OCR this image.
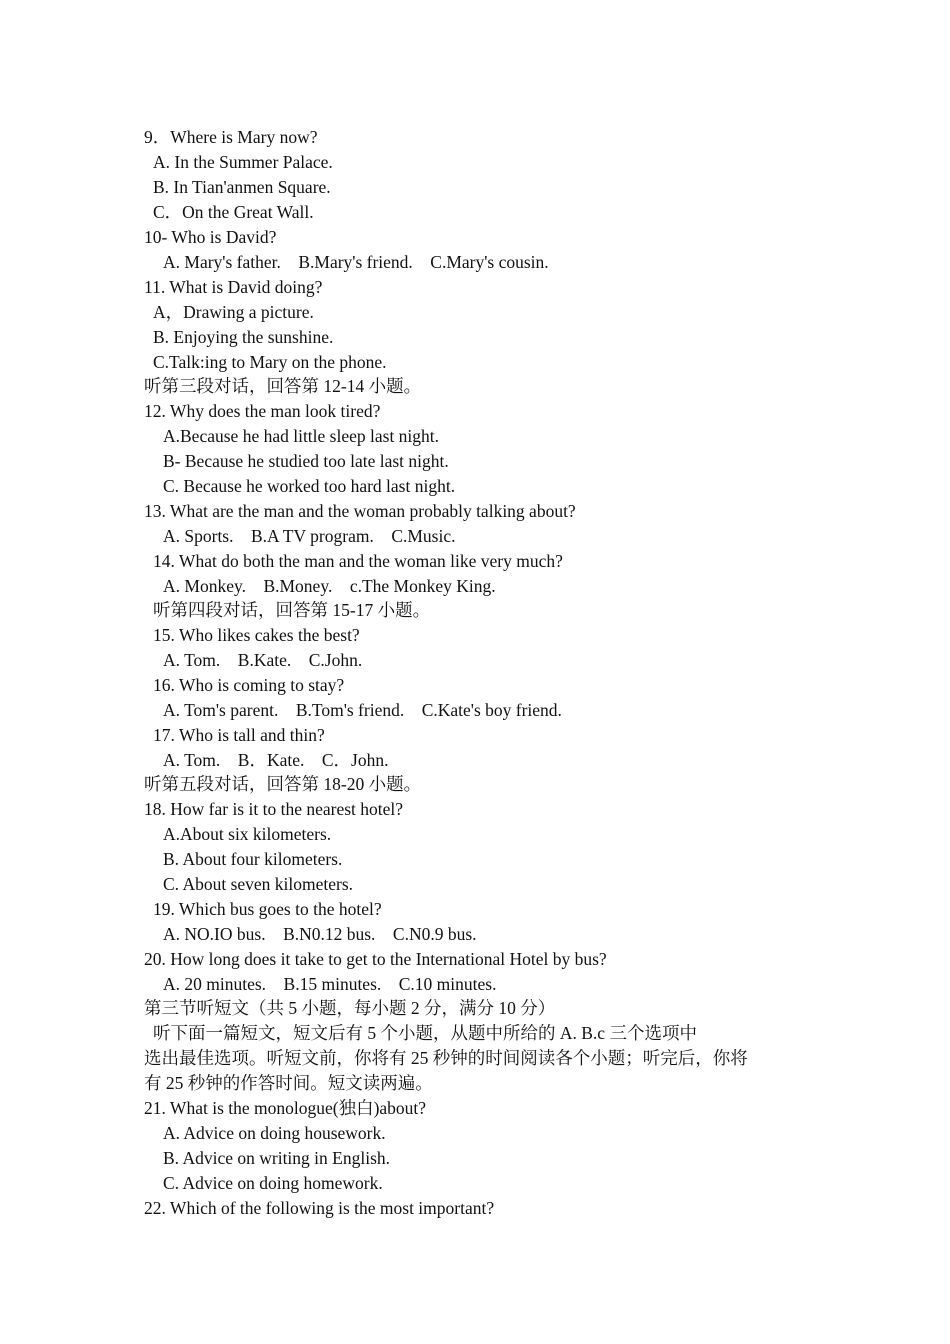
9．Where is Mary now?
A. In the Summer Palace.
B. In Tian'anmen Square.
C．On the Great Wall.
10- Who is David?
A. Mary's father.    B.Mary's friend.    C.Mary's cousin.
11. What is David doing?
A，Drawing a picture.
B. Enjoying the sunshine.
C.Talk:ing to Mary on the phone.
听第三段对话，回答第 12-14 小题。
12. Why does the man look tired?
A.Because he had little sleep last night.
B- Because he studied too late last night.
C. Because he worked too hard last night.
13. What are the man and the woman probably talking about?
A. Sports.    B.A TV program.    C.Music.
14. What do both the man and the woman like very much?
A. Monkey.    B.Money.    c.The Monkey King.
听第四段对话，回答第 15-17 小题。
15. Who likes cakes the best?
A. Tom.    B.Kate.    C.John.
16. Who is coming to stay?
A. Tom's parent.    B.Tom's friend.    C.Kate's boy friend.
17. Who is tall and thin?
A. Tom.    B．Kate.    C．John.
听第五段对话，回答第 18-20 小题。
18. How far is it to the nearest hotel?
A.About six kilometers.
B. About four kilometers.
C. About seven kilometers.
19. Which bus goes to the hotel?
A. NO.IO bus.    B.N0.12 bus.    C.N0.9 bus.
20. How long does it take to get to the International Hotel by bus?
A. 20 minutes.    B.15 minutes.    C.10 minutes.
第三节听短文（共 5 小题，每小题 2 分，满分 10 分）
听下面一篇短文，短文后有 5 个小题，从题中所给的 A. B.c 三个选项中
选出最佳选项。听短文前，你将有 25 秒钟的时间阅读各个小题；听完后，你将
有 25 秒钟的作答时间。短文读两遍。
21. What is the monologue(独白)about?
A. Advice on doing housework.
B. Advice on writing in English.
C. Advice on doing homework.
22. Which of the following is the most important?
